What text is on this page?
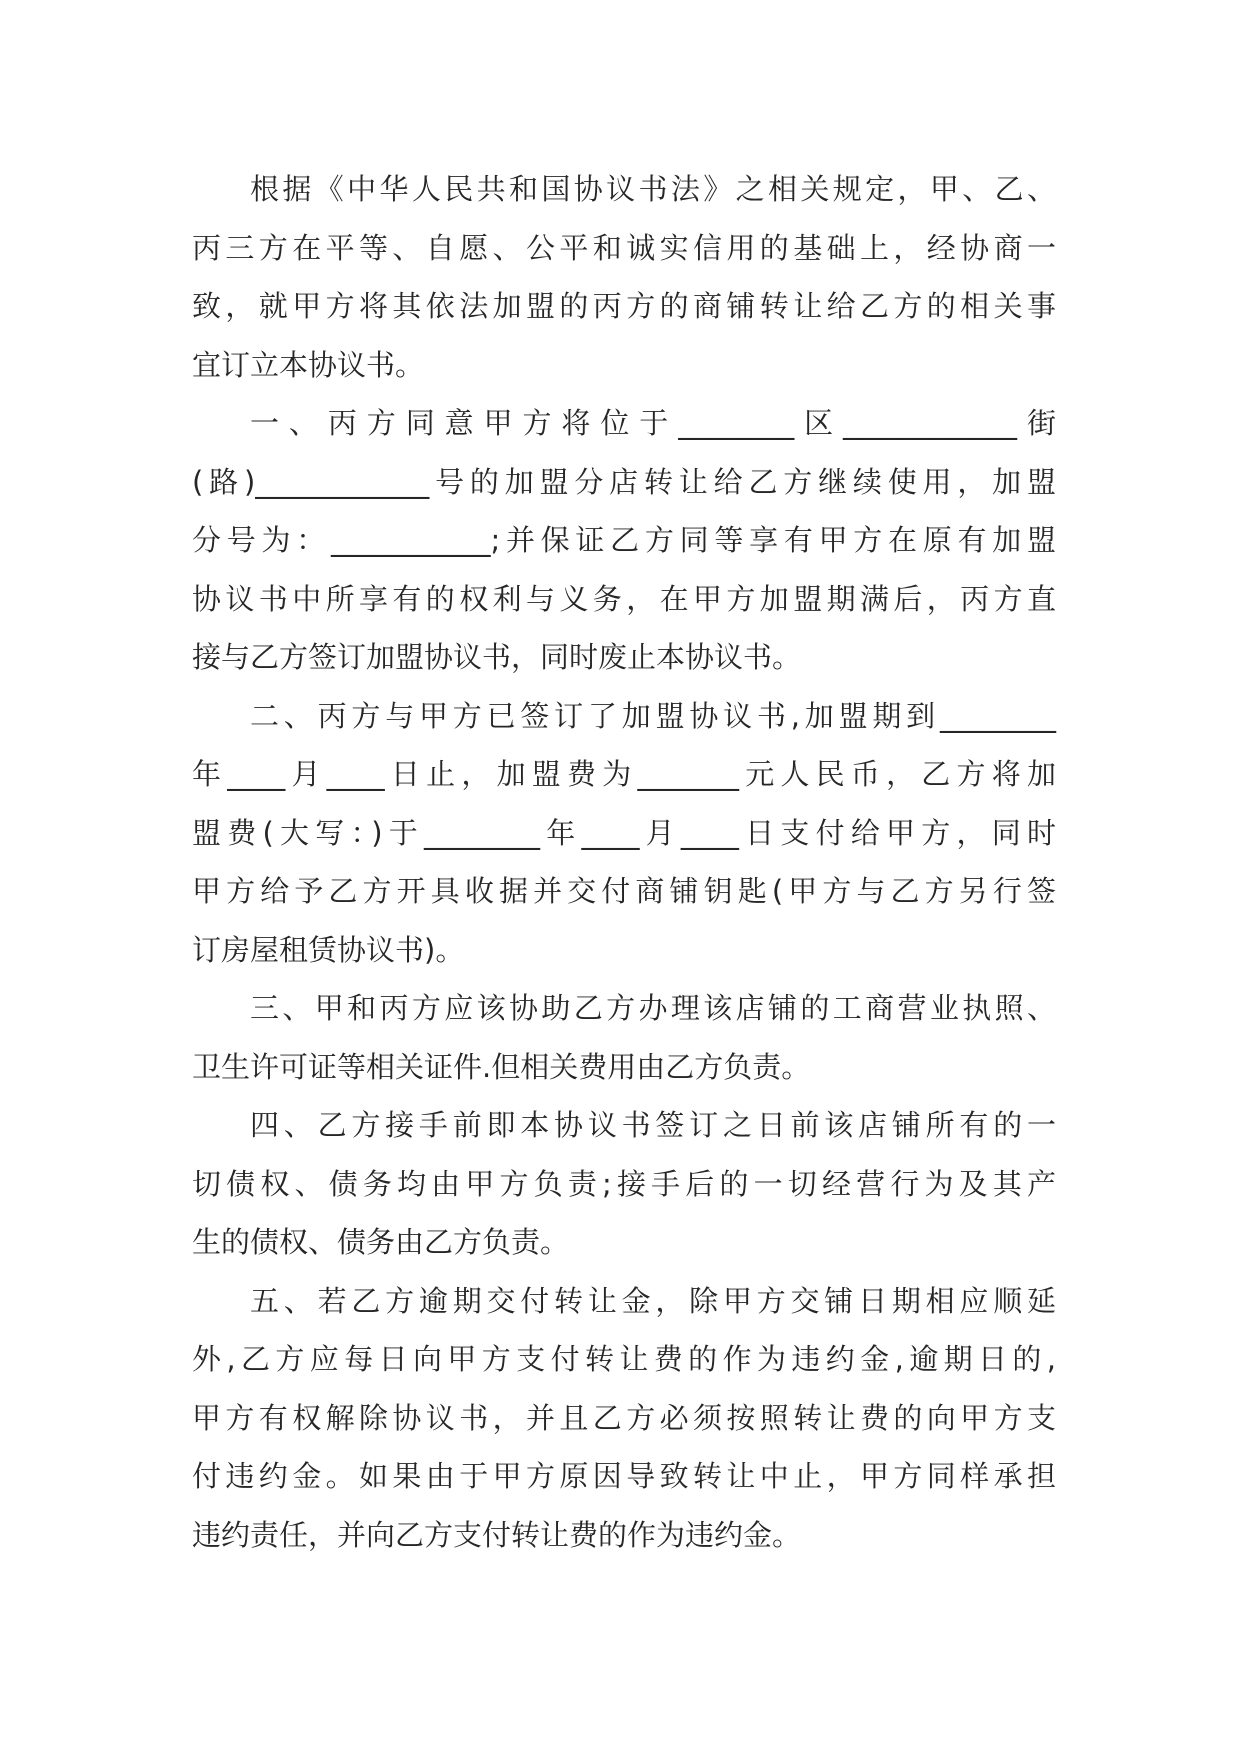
根据《中华人民共和国协议书法》之相关规定，甲、乙、
丙三方在平等、自愿、公平和诚实信用的基础上，经协商一
致，就甲方将其依法加盟的丙方的商铺转让给乙方的相关事
宜订立本协议书。
一、丙方同意甲方将位于________区____________街
(路)____________号的加盟分店转让给乙方继续使用，加盟
分号为：___________;并保证乙方同等享有甲方在原有加盟
协议书中所享有的权利与义务，在甲方加盟期满后，丙方直
接与乙方签订加盟协议书，同时废止本协议书。
二、丙方与甲方已签订了加盟协议书,加盟期到________
年____月____日止，加盟费为_______元人民币，乙方将加
盟费(大写：)于________年____月____日支付给甲方，同时
甲方给予乙方开具收据并交付商铺钥匙(甲方与乙方另行签
订房屋租赁协议书)。
三、甲和丙方应该协助乙方办理该店铺的工商营业执照、
卫生许可证等相关证件.但相关费用由乙方负责。
四、乙方接手前即本协议书签订之日前该店铺所有的一
切债权、债务均由甲方负责;接手后的一切经营行为及其产
生的债权、债务由乙方负责。
五、若乙方逾期交付转让金，除甲方交铺日期相应顺延
外,乙方应每日向甲方支付转让费的作为违约金,逾期日的,
甲方有权解除协议书，并且乙方必须按照转让费的向甲方支
付违约金。如果由于甲方原因导致转让中止，甲方同样承担
违约责任，并向乙方支付转让费的作为违约金。
